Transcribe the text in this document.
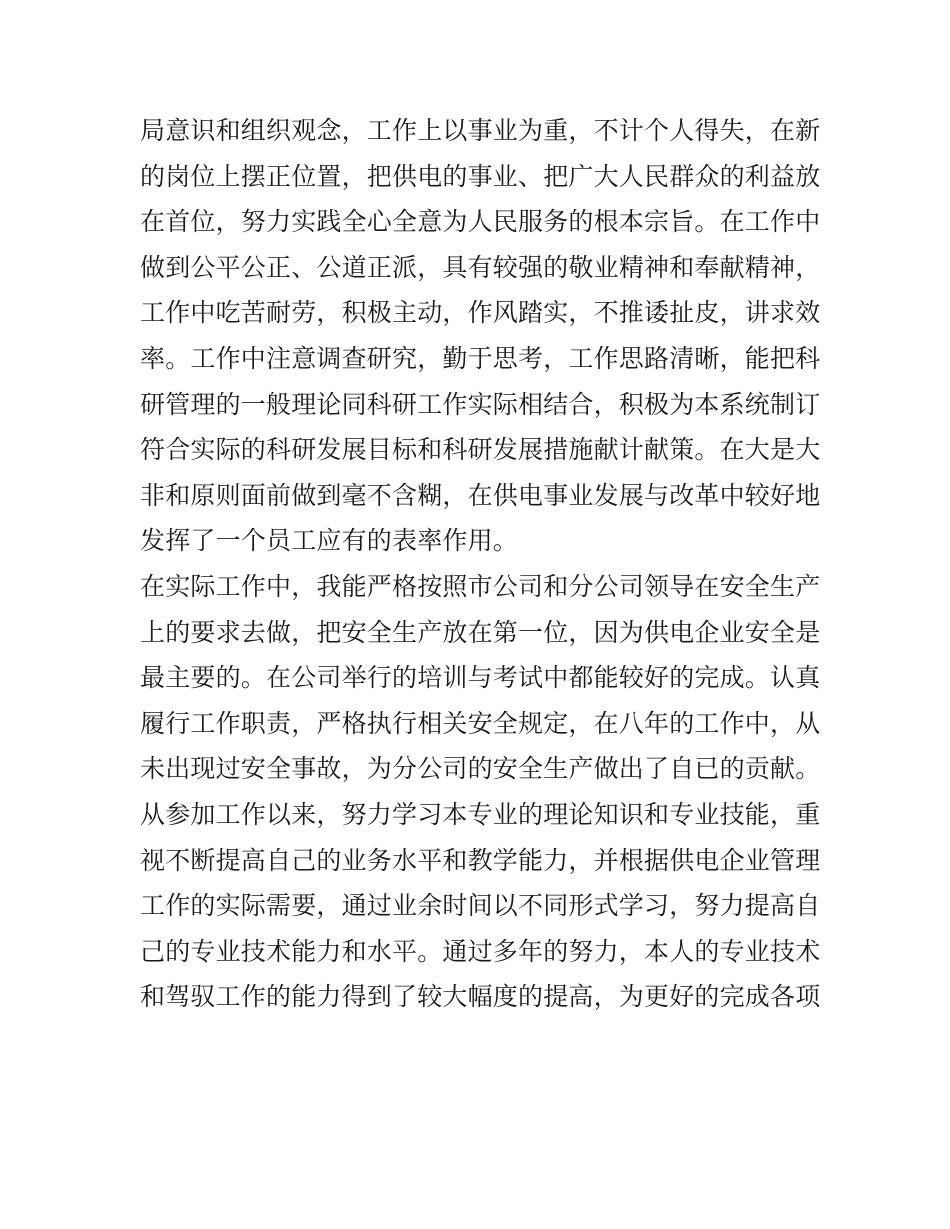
局意识和组织观念，工作上以事业为重，不计个人得失，在新
的岗位上摆正位置，把供电的事业、把广大人民群众的利益放
在首位，努力实践全心全意为人民服务的根本宗旨。在工作中
做到公平公正、公道正派，具有较强的敬业精神和奉献精神，
工作中吃苦耐劳，积极主动，作风踏实，不推诿扯皮，讲求效
率。工作中注意调查研究，勤于思考，工作思路清晰，能把科
研管理的一般理论同科研工作实际相结合，积极为本系统制订
符合实际的科研发展目标和科研发展措施献计献策。在大是大
非和原则面前做到毫不含糊，在供电事业发展与改革中较好地
发挥了一个员工应有的表率作用。
在实际工作中，我能严格按照市公司和分公司领导在安全生产
上的要求去做，把安全生产放在第一位，因为供电企业安全是
最主要的。在公司举行的培训与考试中都能较好的完成。认真
履行工作职责，严格执行相关安全规定，在八年的工作中，从
未出现过安全事故，为分公司的安全生产做出了自已的贡献。
从参加工作以来，努力学习本专业的理论知识和专业技能，重
视不断提高自己的业务水平和教学能力，并根据供电企业管理
工作的实际需要，通过业余时间以不同形式学习，努力提高自
己的专业技术能力和水平。通过多年的努力，本人的专业技术
和驾驭工作的能力得到了较大幅度的提高，为更好的完成各项
